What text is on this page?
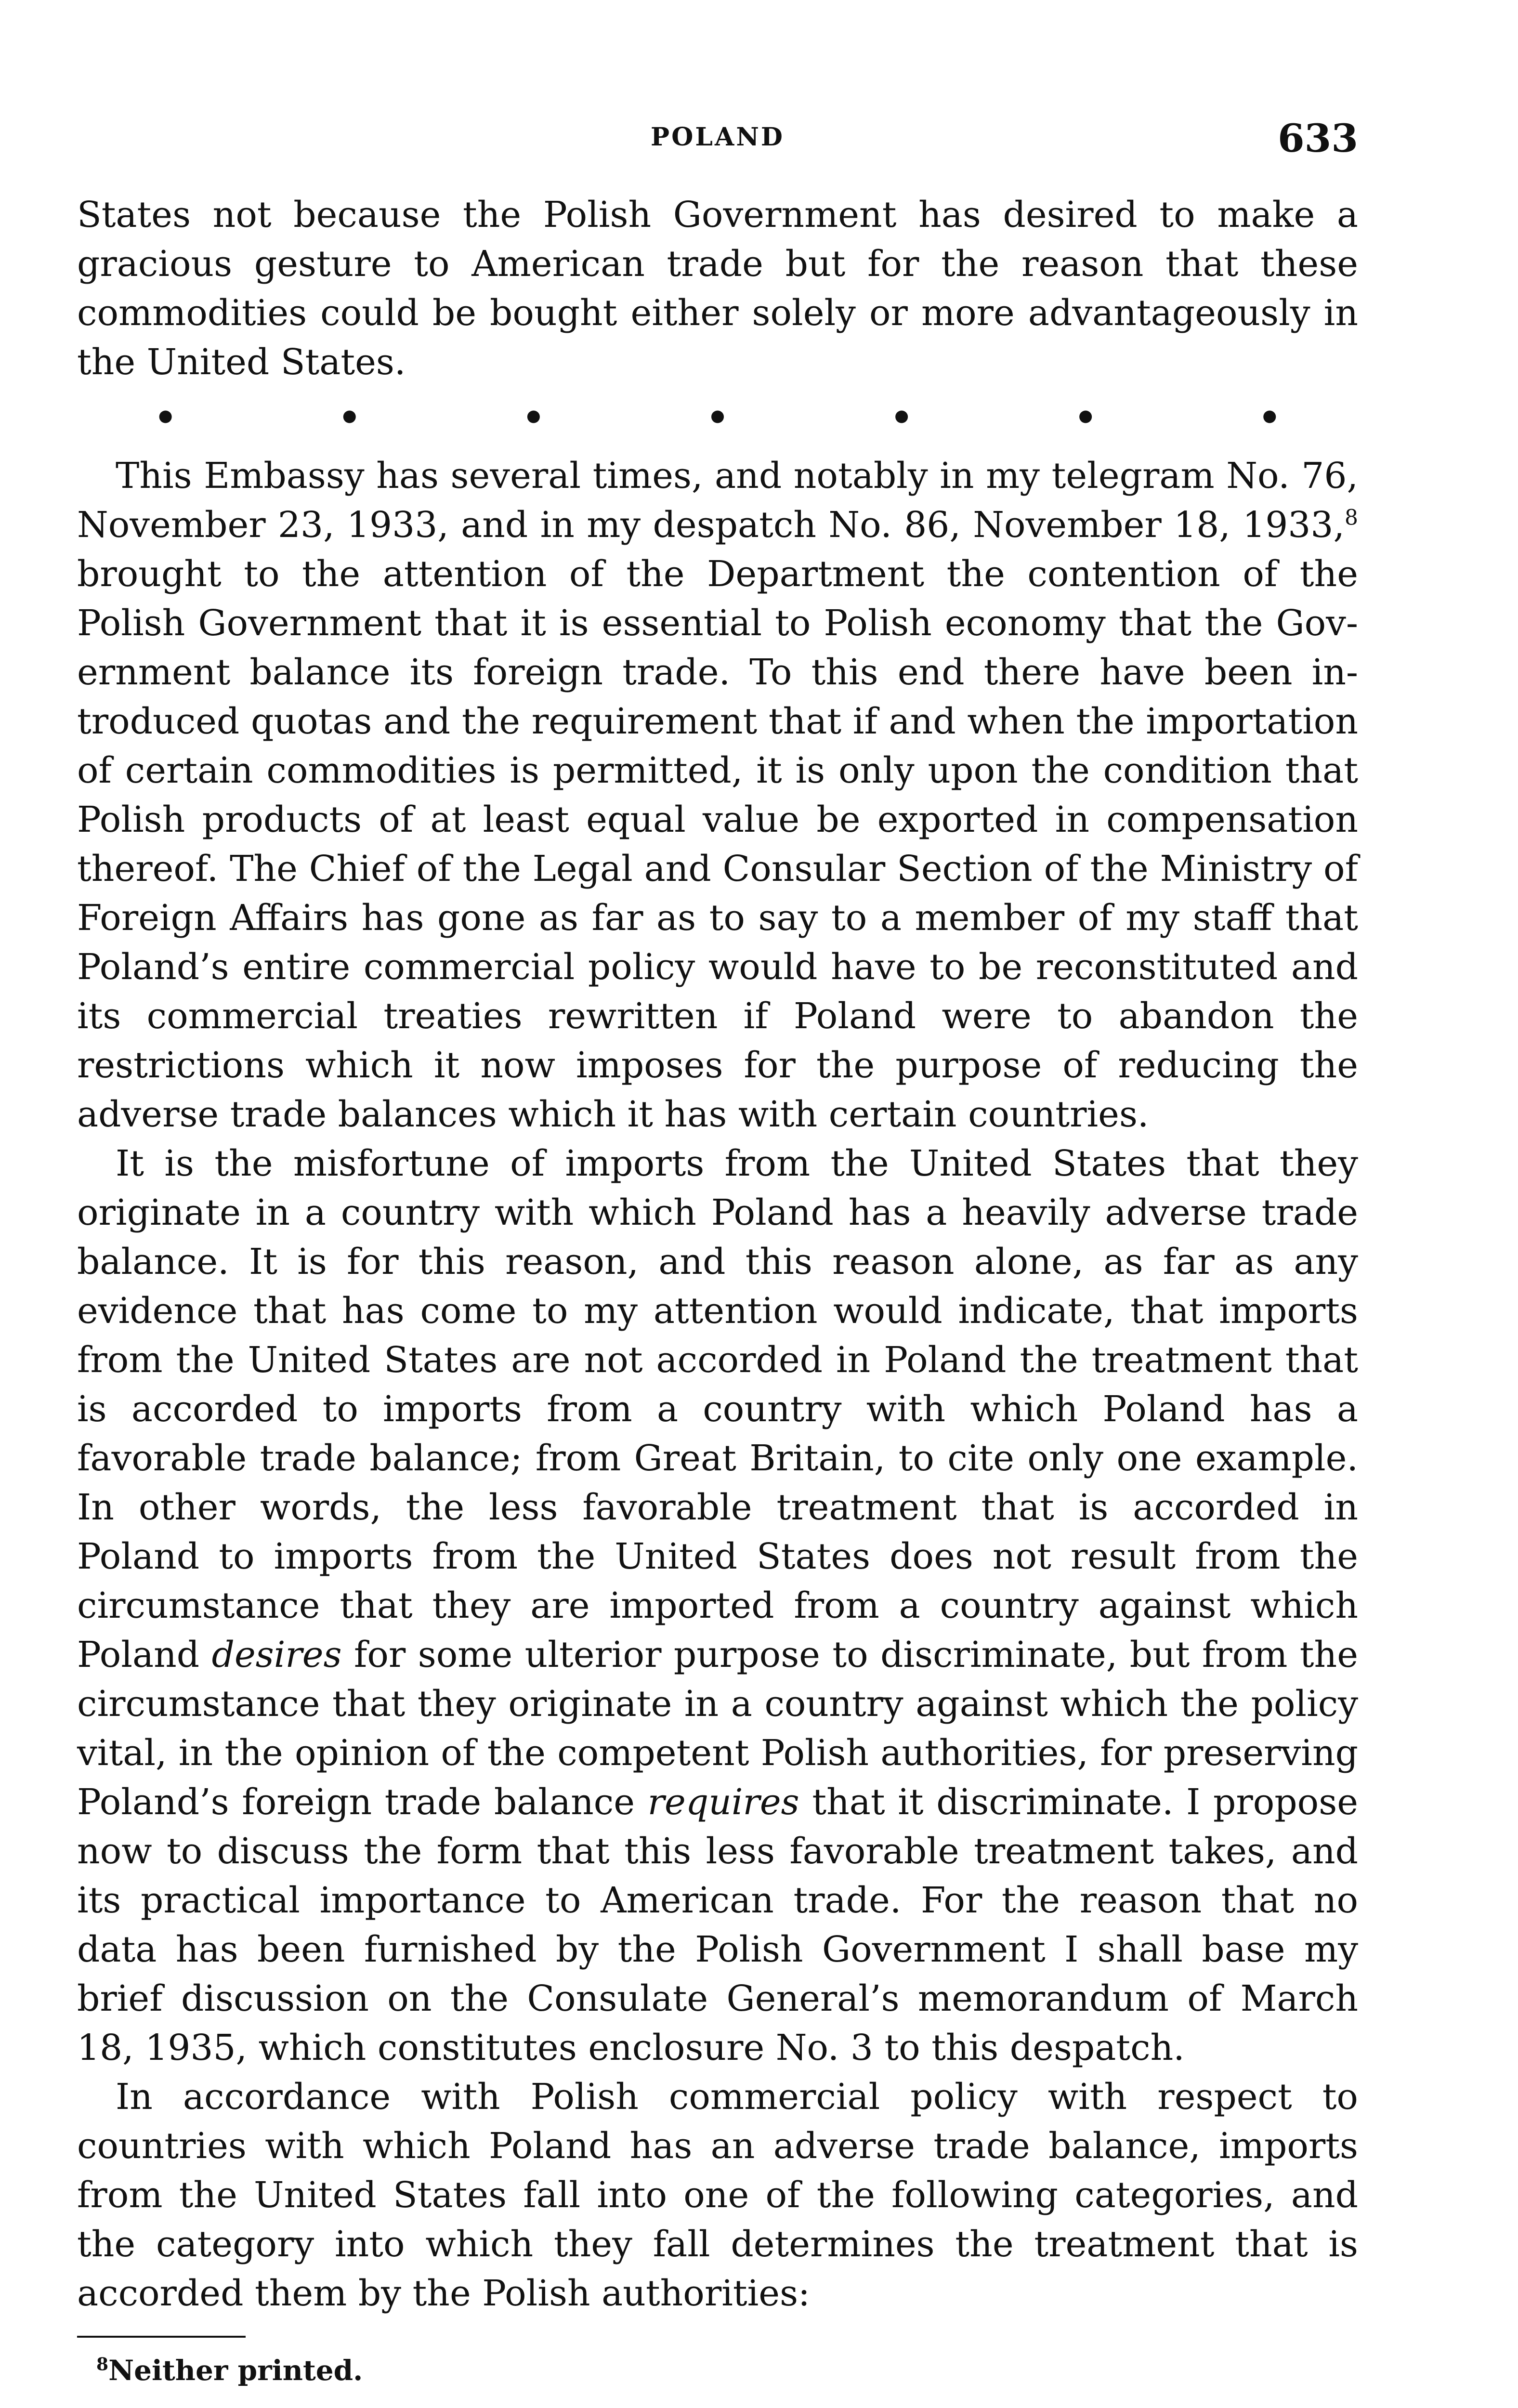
POLAND	633

States not because the Polish Government has desired to make a gracious gesture to American trade but for the reason that these commodities could be bought either solely or more advantageously in the United States.

•	•	•	•	•	•	•

This Embassy has several times, and notably in my telegram No. 76, November 23, 1933, and in my despatch No. 86, November 18, 1933,$^8$ brought to the attention of the Department the contention of the Polish Government that it is essential to Polish economy that the Government balance its foreign trade. To this end there have been introduced quotas and the requirement that if and when the importation of certain commodities is permitted, it is only upon the condition that Polish products of at least equal value be exported in compensation thereof. The Chief of the Legal and Consular Section of the Ministry of Foreign Affairs has gone as far as to say to a member of my staff that Poland’s entire commercial policy would have to be reconstituted and its commercial treaties rewritten if Poland were to abandon the restrictions which it now imposes for the purpose of reducing the adverse trade balances which it has with certain countries.

It is the misfortune of imports from the United States that they originate in a country with which Poland has a heavily adverse trade balance. It is for this reason, and this reason alone, as far as any evidence that has come to my attention would indicate, that imports from the United States are not accorded in Poland the treatment that is accorded to imports from a country with which Poland has a favorable trade balance; from Great Britain, to cite only one example. In other words, the less favorable treatment that is accorded in Poland to imports from the United States does not result from the circumstance that they are imported from a country against which Poland desires for some ulterior purpose to discriminate, but from the circumstance that they originate in a country against which the policy vital, in the opinion of the competent Polish authorities, for preserving Poland’s foreign trade balance requires that it discriminate. I propose now to discuss the form that this less favorable treatment takes, and its practical importance to American trade. For the reason that no data has been furnished by the Polish Government I shall base my brief discussion on the Consulate General’s memorandum of March 18, 1935, which constitutes enclosure No. 3 to this despatch.

In accordance with Polish commercial policy with respect to countries with which Poland has an adverse trade balance, imports from the United States fall into one of the following categories, and the category into which they fall determines the treatment that is accorded them by the Polish authorities:

$^8$Neither printed.
